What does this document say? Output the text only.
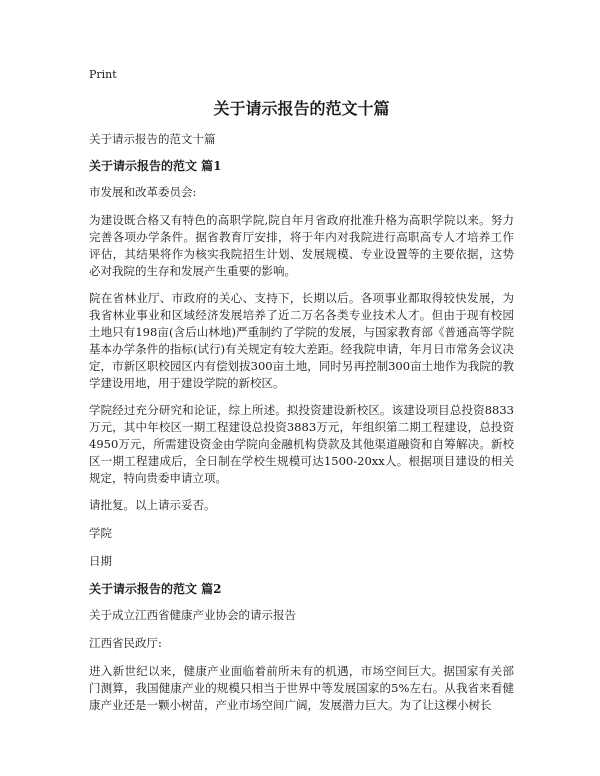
Print
关于请示报告的范文十篇
关于请示报告的范文十篇
关于请示报告的范文 篇1
市发展和改革委员会:
为建设既合格又有特色的高职学院,院自年月省政府批准升格为高职学院以来。努力完善各项办学条件。据省教育厅安排，将于年内对我院进行高职高专人才培养工作评估，其结果将作为核实我院招生计划、发展规模、专业设置等的主要依据，这势必对我院的生存和发展产生重要的影响。
院在省林业厅、市政府的关心、支持下，长期以后。各项事业都取得较快发展，为我省林业事业和区域经济发展培养了近二万名各类专业技术人才。但由于现有校园土地只有198亩(含后山林地)严重制约了学院的发展，与国家教育部《普通高等学院基本办学条件的指标(试行)有关规定有较大差距。经我院申请，年月日市常务会议决定，市新区职校园区内有偿划拔300亩土地，同时另再控制300亩土地作为我院的教学建设用地，用于建设学院的新校区。
学院经过充分研究和论证，综上所述。拟投资建设新校区。该建设项目总投资8833万元，其中年校区一期工程建设总投资3883万元，年组织第二期工程建设，总投资4950万元，所需建设资金由学院向金融机构贷款及其他渠道融资和自筹解决。新校区一期工程建成后，全日制在学校生规模可达1500-20xx人。根据项目建设的相关规定，特向贵委申请立项。
请批复。以上请示妥否。
学院
日期
关于请示报告的范文 篇2
关于成立江西省健康产业协会的请示报告
江西省民政厅:
进入新世纪以来，健康产业面临着前所未有的机遇，市场空间巨大。据国家有关部门测算，我国健康产业的规模只相当于世界中等发展国家的5%左右。从我省来看健康产业还是一颗小树苗，产业市场空间广阔，发展潜力巨大。为了让这棵小树长
